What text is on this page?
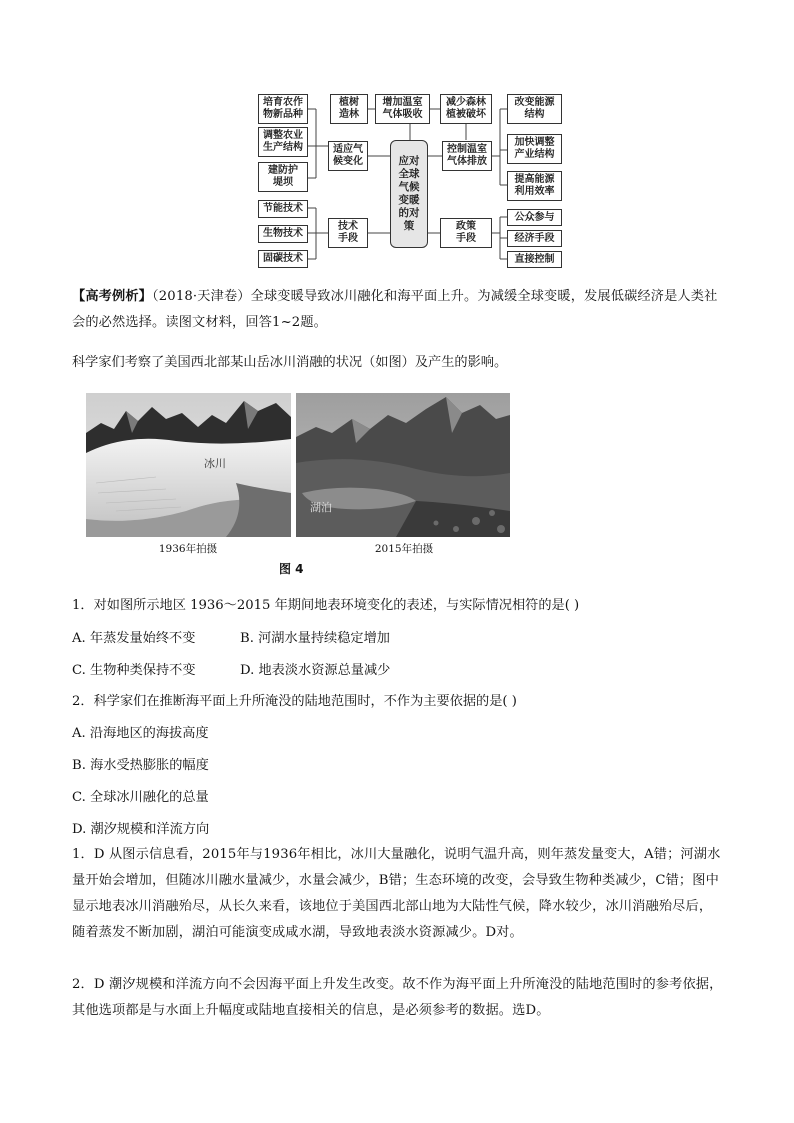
培育农作
物新品种
调整农业
生产结构
建防护
堤坝
节能技术
生物技术
固碳技术
植树
造林
适应气
候变化
技术
手段
增加温室
气体吸收
应对
全球
气候
变暖
的对
策
减少森林
植被破坏
控制温室
气体排放
政策
手段
改变能源
结构
加快调整
产业结构
提高能源
利用效率
公众参与
经济手段
直接控制
【高考例析】（2018·天津卷）全球变暖导致冰川融化和海平面上升。为减缓全球变暖，发展低碳经济是人类社会的必然选择。读图文材料，回答1~2题。
科学家们考察了美国西北部某山岳冰川消融的状况（如图）及产生的影响。
冰川
湖泊
1936年拍摄	2015年拍摄
图 4
1．对如图所示地区 1936～2015 年期间地表环境变化的表述，与实际情况相符的是( )
A. 年蒸发量始终不变	B. 河湖水量持续稳定增加
C. 生物种类保持不变	D. 地表淡水资源总量减少
2．科学家们在推断海平面上升所淹没的陆地范围时，不作为主要依据的是( )
A. 沿海地区的海拔高度
B. 海水受热膨胀的幅度
C. 全球冰川融化的总量
D. 潮汐规模和洋流方向
1．D 从图示信息看，2015年与1936年相比，冰川大量融化，说明气温升高，则年蒸发量变大，A错；河湖水量开始会增加，但随冰川融水量减少，水量会减少，B错；生态环境的改变，会导致生物种类减少，C错；图中显示地表冰川消融殆尽，从长久来看，该地位于美国西北部山地为大陆性气候，降水较少，冰川消融殆尽后，随着蒸发不断加剧，湖泊可能演变成咸水湖，导致地表淡水资源减少。D对。
2．D 潮汐规模和洋流方向不会因海平面上升发生改变。故不作为海平面上升所淹没的陆地范围时的参考依据，其他选项都是与水面上升幅度或陆地直接相关的信息，是必须参考的数据。选D。
